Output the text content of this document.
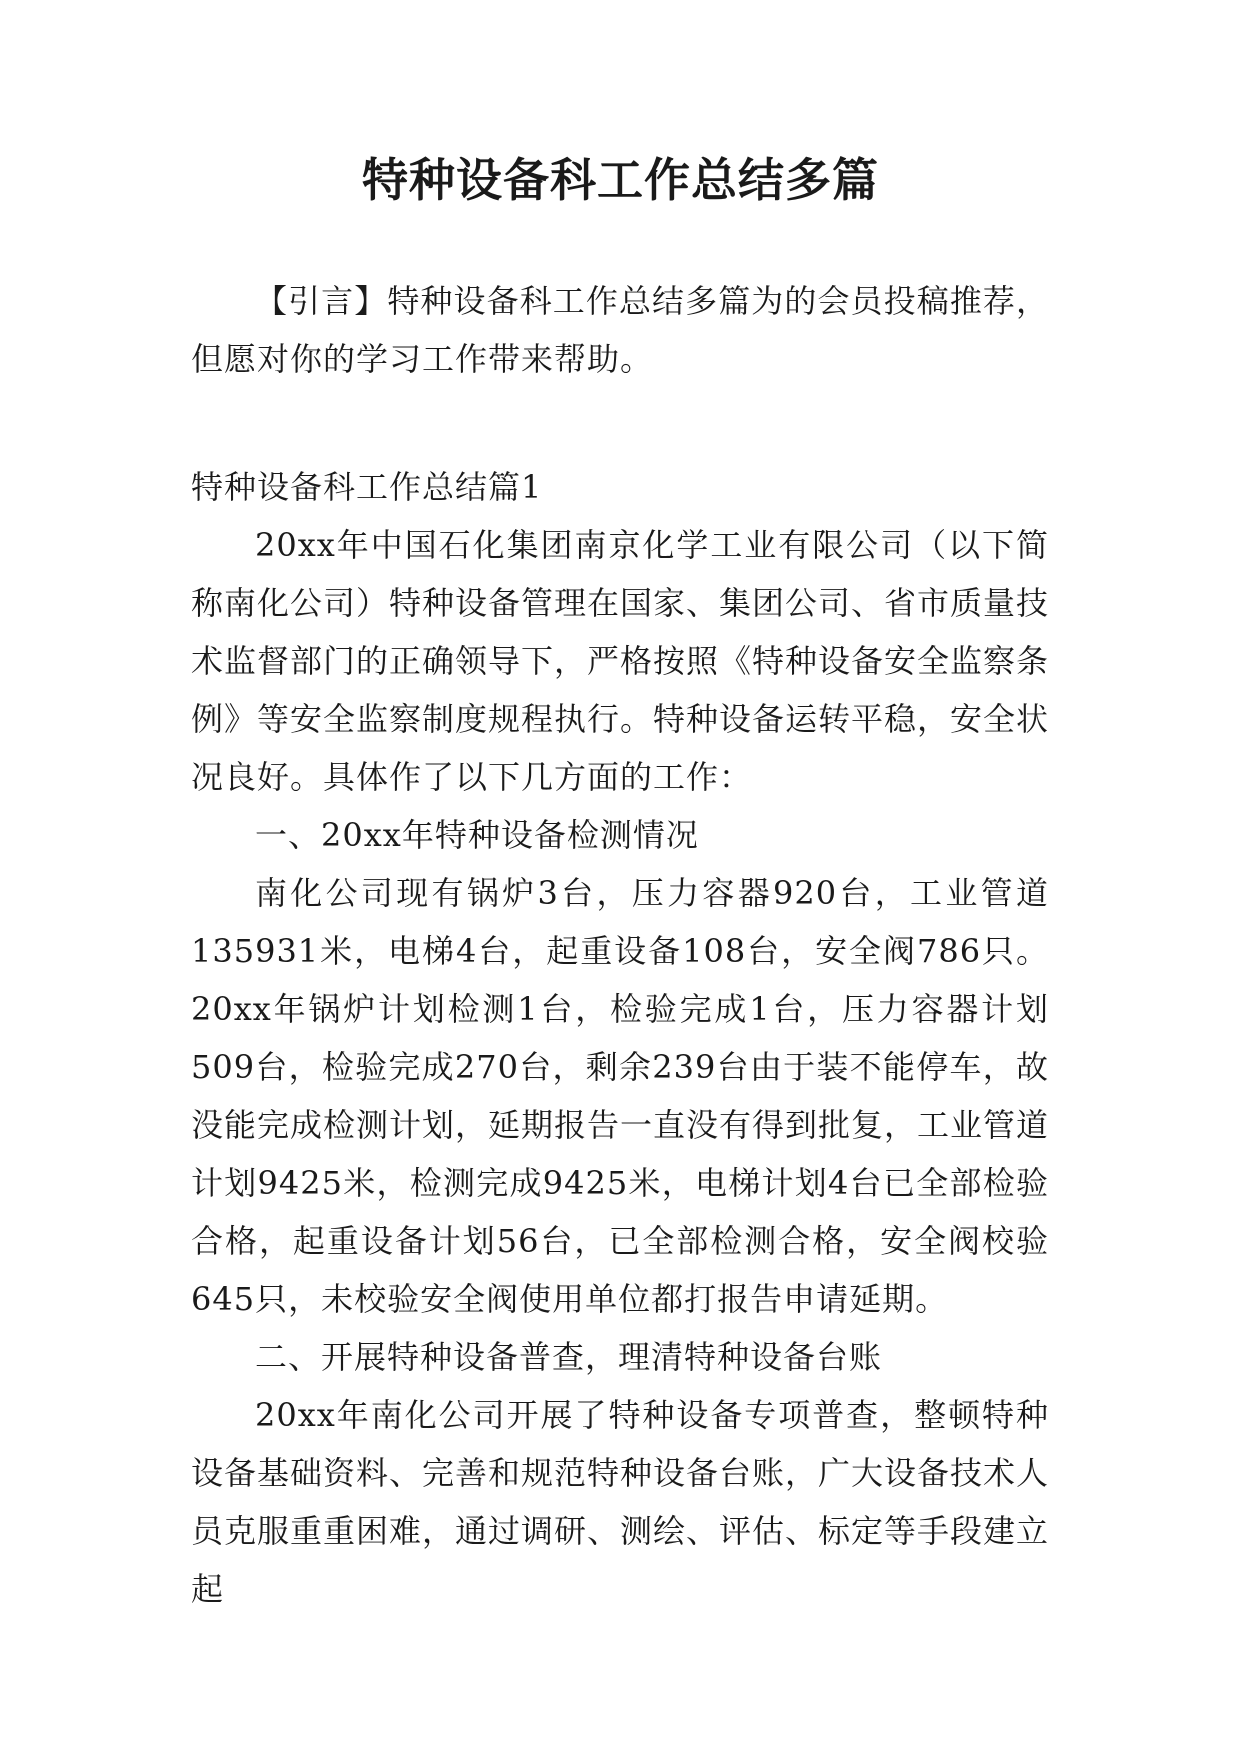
特种设备科工作总结多篇

【引言】特种设备科工作总结多篇为的会员投稿推荐，但愿对你的学习工作带来帮助。

特种设备科工作总结篇1

20xx年中国石化集团南京化学工业有限公司（以下简称南化公司）特种设备管理在国家、集团公司、省市质量技术监督部门的正确领导下，严格按照《特种设备安全监察条例》等安全监察制度规程执行。特种设备运转平稳，安全状况良好。具体作了以下几方面的工作：

一、20xx年特种设备检测情况

南化公司现有锅炉3台，压力容器920台，工业管道135931米，电梯4台，起重设备108台，安全阀786只。20xx年锅炉计划检测1台，检验完成1台，压力容器计划509台，检验完成270台，剩余239台由于装不能停车，故没能完成检测计划，延期报告一直没有得到批复，工业管道计划9425米，检测完成9425米，电梯计划4台已全部检验合格，起重设备计划56台，已全部检测合格，安全阀校验645只，未校验安全阀使用单位都打报告申请延期。

二、开展特种设备普查，理清特种设备台账

20xx年南化公司开展了特种设备专项普查，整顿特种设备基础资料、完善和规范特种设备台账，广大设备技术人员克服重重困难，通过调研、测绘、评估、标定等手段建立起
